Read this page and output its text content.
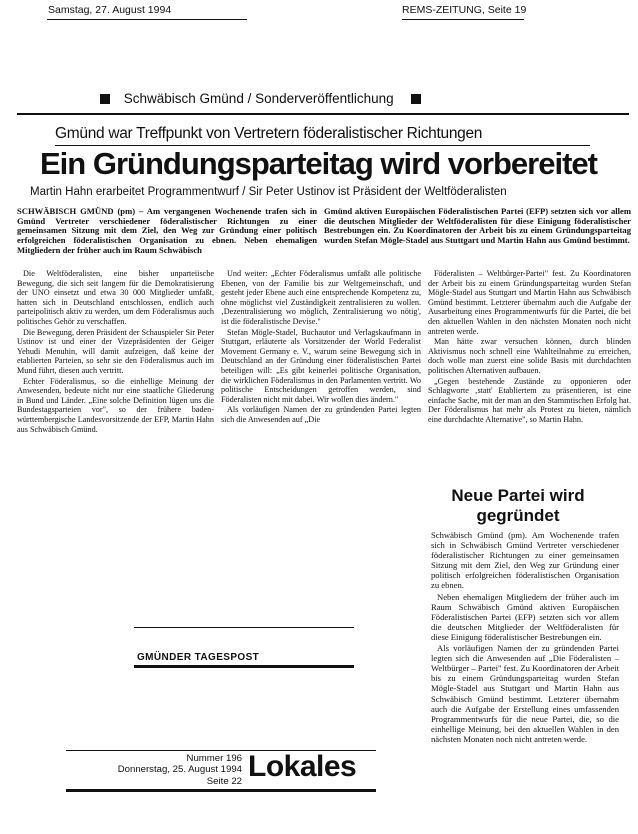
Samstag, 27. August 1994	REMS-ZEITUNG, Seite 19
Schwäbisch Gmünd / Sonderveröffentlichung
Gmünd war Treffpunkt von Vertretern föderalistischer Richtungen
Ein Gründungsparteitag wird vorbereitet
Martin Hahn erarbeitet Programmentwurf / Sir Peter Ustinov ist Präsident der Weltföderalisten
SCHWÄBISCH GMÜND (pm) – Am vergangenen Wochenende trafen sich in Gmünd Vertreter verschiedener föderalistischer Richtungen zu einer gemeinsamen Sitzung mit dem Ziel, den Weg zur Gründung einer politisch erfolgreichen föderalistischen Organisation zu ebnen. Neben ehemaligen Mitgliedern der früher auch im Raum Schwäbisch
Gmünd aktiven Europäischen Föderalistischen Partei (EFP) setzten sich vor allem die deutschen Mitglieder der Weltföderalisten für diese Einigung föderalistischer Bestrebungen ein. Zu Koordinatoren der Arbeit bis zu einem Gründungsparteitag wurden Stefan Mögle-Stadel aus Stuttgart und Martin Hahn aus Gmünd bestimmt.

Die Weltföderalisten, eine bisher unparteiische Bewegung, die sich seit langem für die Demokratisierung der UNO einsetzt und etwa 30 000 Mitglieder umfaßt, hatten sich in Deutschland entschlossen, endlich auch parteipolitisch aktiv zu werden, um dem Föderalismus auch politisches Gehör zu verschaffen.

Die Bewegung, deren Präsident der Schauspieler Sir Peter Ustinov ist und einer der Vizepräsidenten der Geiger Yehudi Menuhin, will damit aufzeigen, daß keine der etablierten Parteien, so sehr sie den Föderalismus auch im Mund führt, diesen auch vertritt.

Echter Föderalismus, so die einhellige Meinung der Anwesenden, bedeute nicht nur eine staatliche Gliederung in Bund und Länder. „Eine solche Definition lügen uns die Bundestagsparteien vor", so der frühere baden-württembergische Landesvorsitzende der EFP, Martin Hahn aus Schwäbisch Gmünd.

Und weiter: „Echter Föderalismus umfaßt alle politische Ebenen, von der Familie bis zur Weltgemeinschaft, und gesteht jeder Ebene auch eine entsprechende Kompetenz zu, ohne möglichst viel Zuständigkeit zentralisieren zu wollen. ‚Dezentralisierung wo möglich, Zentralisierung wo nötig', ist die föderalistische Devise."

Stefan Mögle-Stadel, Buchautor und Verlagskaufmann in Stuttgart, erläuterte als Vorsitzender der World Federalist Movement Germany e. V., warum seine Bewegung sich in Deutschland an der Gründung einer föderalistischen Partei beteiligen will: „Es gibt keinerlei politische Organisation, die wirklichen Föderalismus in den Parlamenten vertritt. Wo politische Entscheidungen getroffen werden, sind Föderalisten nicht mit dabei. Wir wollen dies ändern."

Als vorläufigen Namen der zu gründenden Partei legten sich die Anwesenden auf „Die

Föderalisten – Weltbürger-Partei" fest. Zu Koordinatoren der Arbeit bis zu einem Gründungsparteitag wurden Stefan Mögle-Stadel aus Stuttgart und Martin Hahn aus Schwäbisch Gmünd bestimmt. Letzterer übernahm auch die Aufgabe der Ausarbeitung eines Programmentwurfs für die Partei, die bei den aktuellen Wahlen in den nächsten Monaten noch nicht antreten werde.

Man hätte zwar versuchen können, durch blinden Aktivismus noch schnell eine Wahlteilnahme zu erreichen, doch wolle man zuerst eine solide Basis mit durchdachten politischen Alternativen aufbauen.

„Gegen bestehende Zustände zu opponieren oder Schlagworte ‚statt' Etabliertem zu präsentieren, ist eine einfache Sache, mit der man an den Stammtischen Erfolg hat. Der Föderalismus hat mehr als Protest zu bieten, nämlich eine durchdachte Alternative", so Martin Hahn.

Neue Partei wird gegründet

Schwäbisch Gmünd (pm). Am Wochenende trafen sich in Schwäbisch Gmünd Vertreter verschiedener föderalistischer Richtungen zu einer gemeinsamen Sitzung mit dem Ziel, den Weg zur Gründung einer politisch erfolgreichen föderalistischen Organisation zu ebnen.

Neben ehemaligen Mitgliedern der früher auch im Raum Schwäbisch Gmünd aktiven Europäischen Föderalistischen Partei (EFP) setzten sich vor allem die deutschen Mitglieder der Weltföderalisten für diese Einigung föderalistischer Bestrebungen ein.

Als vorläufigen Namen der zu gründenden Partei legten sich die Anwesenden auf „Die Föderalisten – Weltbürger – Partei" fest. Zu Koordinatoren der Arbeit bis zu einem Gründungsparteitag wurden Stefan Mögle-Stadel aus Stuttgart und Martin Hahn aus Schwäbisch Gmünd bestimmt. Letzterer übernahm auch die Aufgabe der Erstellung eines umfassenden Programmentwurfs für die neue Partei, die, so die einhellige Meinung, bei den aktuellen Wahlen in den nächsten Monaten noch nicht antreten werde.

GMÜNDER TAGESPOST
Nummer 196
Donnerstag, 25. August 1994
Seite 22 Lokales
